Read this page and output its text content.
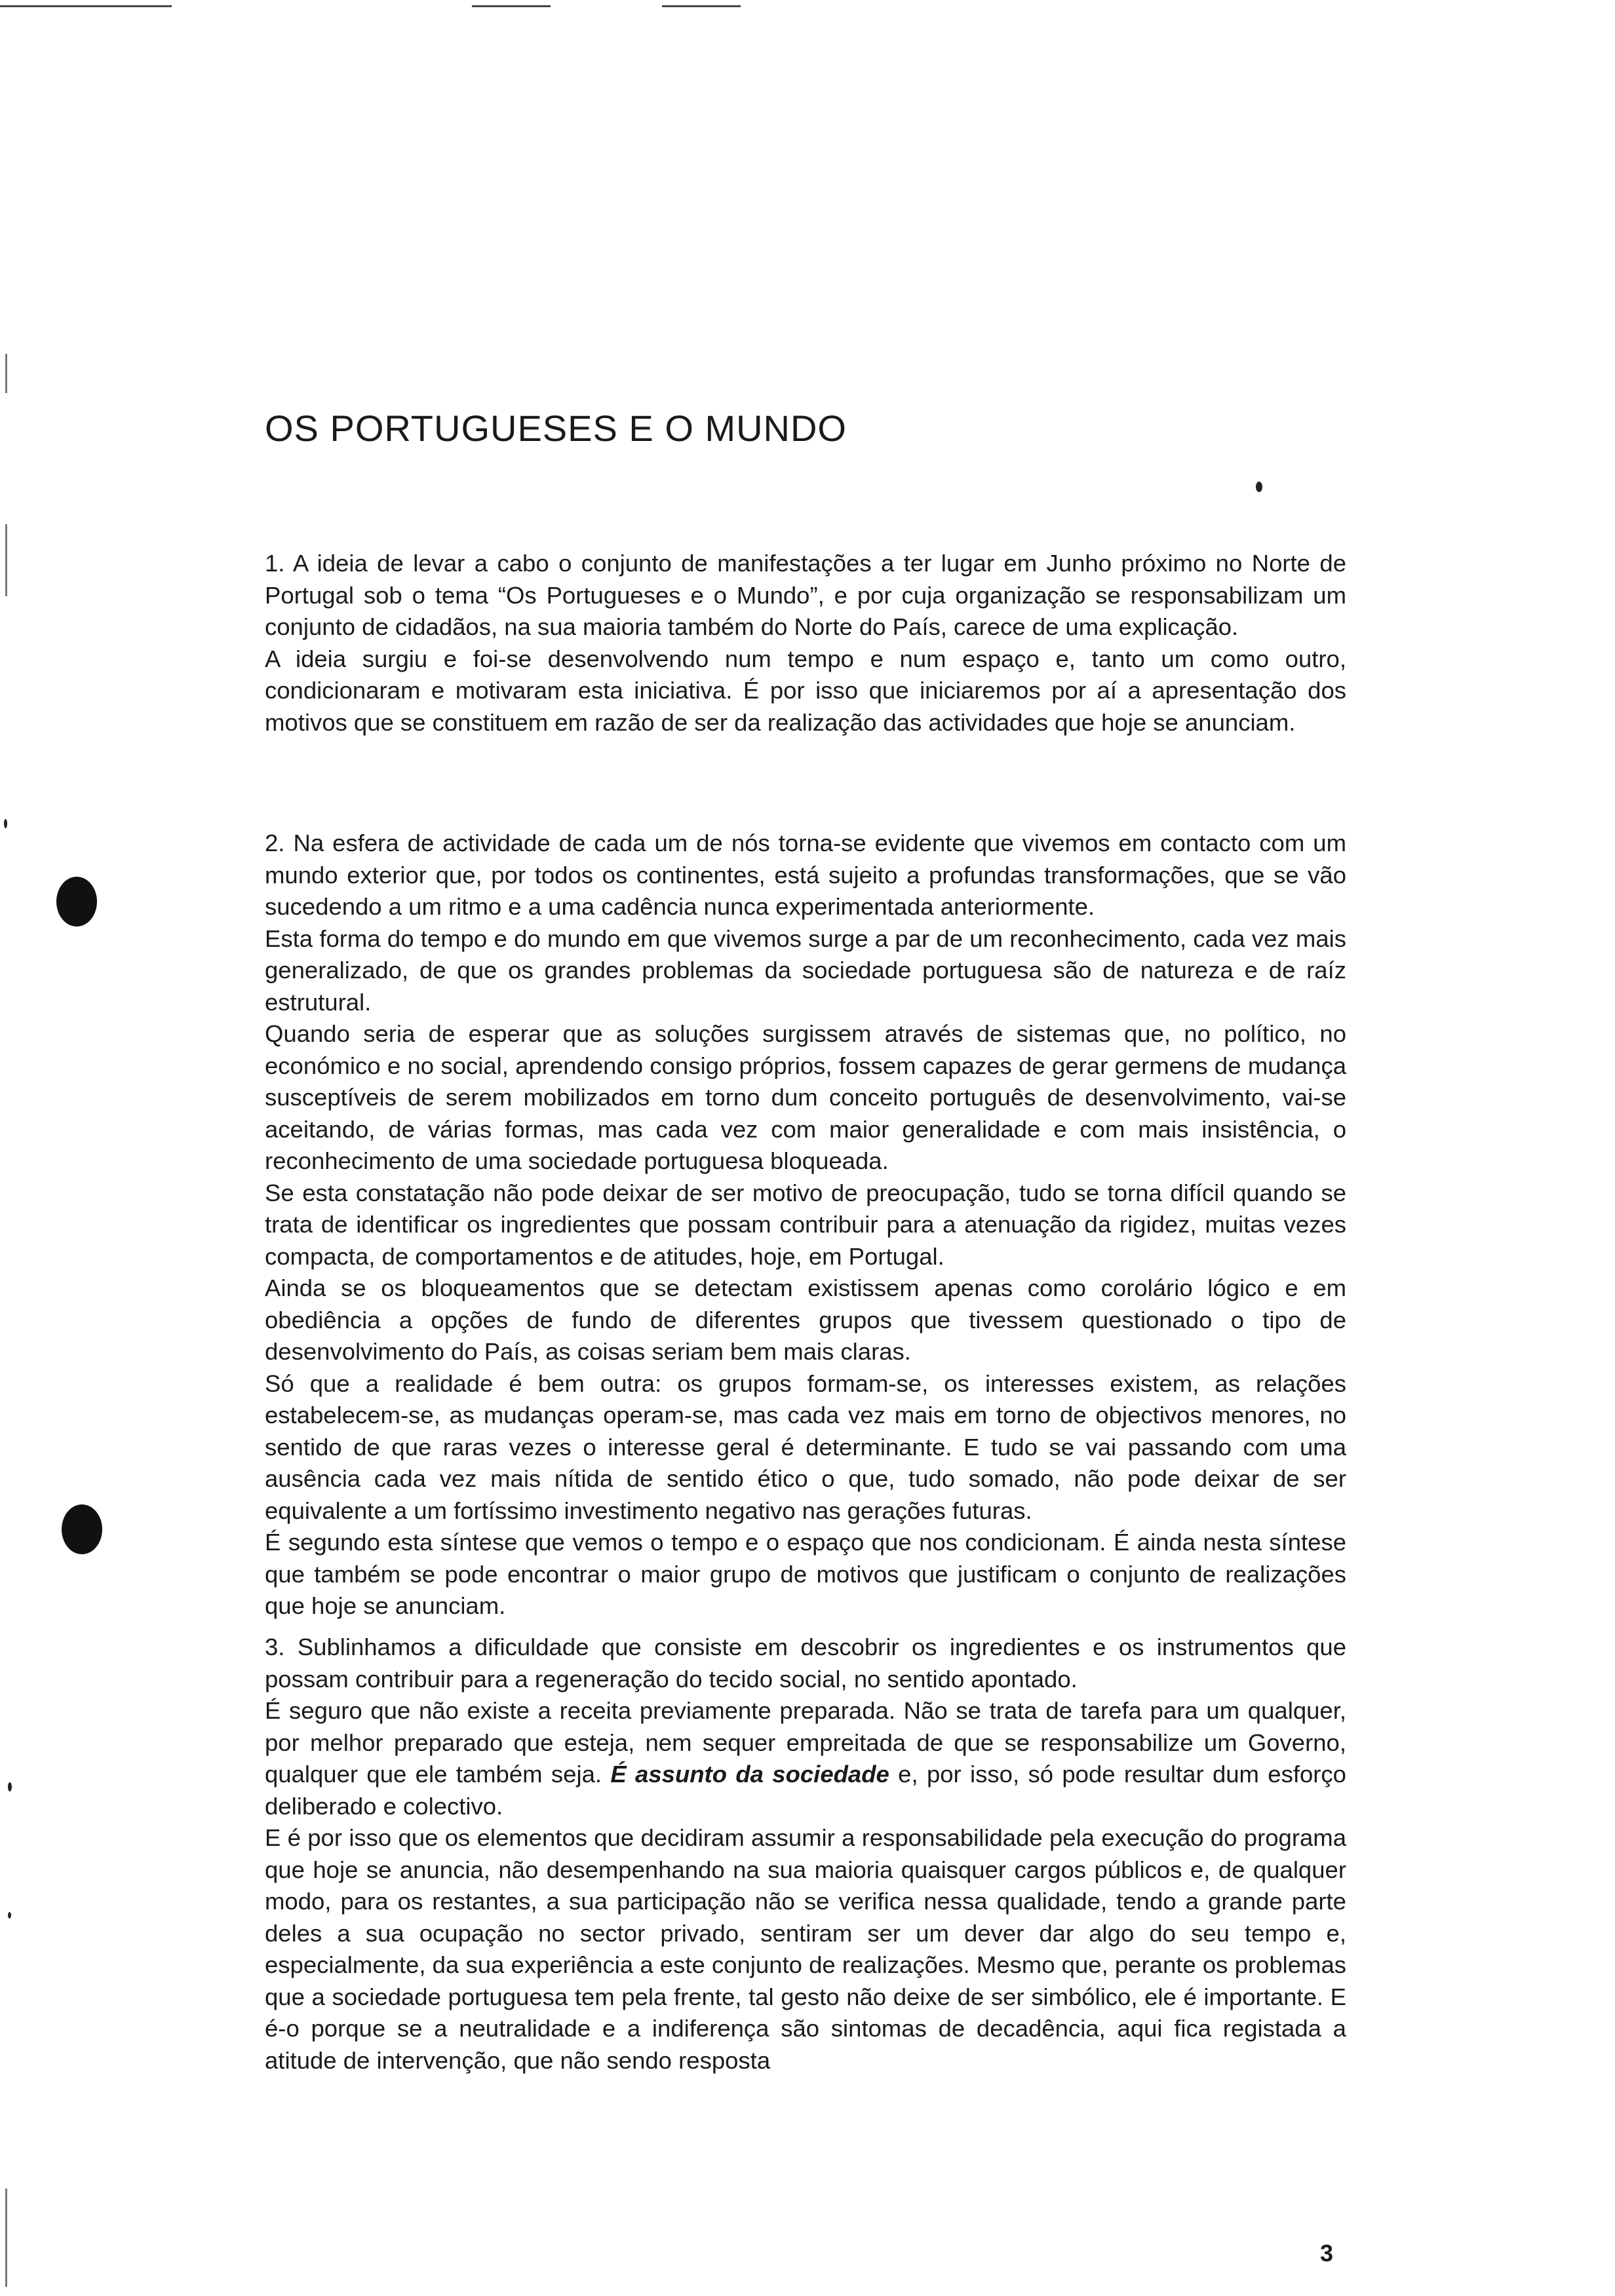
OS PORTUGUESES E O MUNDO

1. A ideia de levar a cabo o conjunto de manifestações a ter lugar em Junho próximo no Norte de Portugal sob o tema “Os Portugueses e o Mundo”, e por cuja organização se responsabilizam um conjunto de cidadãos, na sua maioria também do Norte do País, carece de uma explicação.

A ideia surgiu e foi-se desenvolvendo num tempo e num espaço e, tanto um como outro, condicionaram e motivaram esta iniciativa. É por isso que iniciaremos por aí a apresentação dos motivos que se constituem em razão de ser da realização das actividades que hoje se anunciam.

2. Na esfera de actividade de cada um de nós torna-se evidente que vivemos em contacto com um mundo exterior que, por todos os continentes, está sujeito a profundas transformações, que se vão sucedendo a um ritmo e a uma cadência nunca experimentada anteriormente.

Esta forma do tempo e do mundo em que vivemos surge a par de um reconhecimento, cada vez mais generalizado, de que os grandes problemas da sociedade portuguesa são de natureza e de raíz estrutural.

Quando seria de esperar que as soluções surgissem através de sistemas que, no político, no económico e no social, aprendendo consigo próprios, fossem capazes de gerar germens de mudança susceptíveis de serem mobilizados em torno dum conceito português de desenvolvimento, vai-se aceitando, de várias formas, mas cada vez com maior generalidade e com mais insistência, o reconhecimento de uma sociedade portuguesa bloqueada.

Se esta constatação não pode deixar de ser motivo de preocupação, tudo se torna difícil quando se trata de identificar os ingredientes que possam contribuir para a atenuação da rigidez, muitas vezes compacta, de comportamentos e de atitudes, hoje, em Portugal.

Ainda se os bloqueamentos que se detectam existissem apenas como corolário lógico e em obediência a opções de fundo de diferentes grupos que tivessem questionado o tipo de desenvolvimento do País, as coisas seriam bem mais claras.

Só que a realidade é bem outra: os grupos formam-se, os interesses existem, as relações estabelecem-se, as mudanças operam-se, mas cada vez mais em torno de objectivos menores, no sentido de que raras vezes o interesse geral é determinante. E tudo se vai passando com uma ausência cada vez mais nítida de sentido ético o que, tudo somado, não pode deixar de ser equivalente a um fortíssimo investimento negativo nas gerações futuras.

É segundo esta síntese que vemos o tempo e o espaço que nos condicionam. É ainda nesta síntese que também se pode encontrar o maior grupo de motivos que justificam o conjunto de realizações que hoje se anunciam.

3. Sublinhamos a dificuldade que consiste em descobrir os ingredientes e os instrumentos que possam contribuir para a regeneração do tecido social, no sentido apontado.

É seguro que não existe a receita previamente preparada. Não se trata de tarefa para um qualquer, por melhor preparado que esteja, nem sequer empreitada de que se responsabilize um Governo, qualquer que ele também seja. É assunto da sociedade e, por isso, só pode resultar dum esforço deliberado e colectivo.

E é por isso que os elementos que decidiram assumir a responsabilidade pela execução do programa que hoje se anuncia, não desempenhando na sua maioria quaisquer cargos públicos e, de qualquer modo, para os restantes, a sua participação não se verifica nessa qualidade, tendo a grande parte deles a sua ocupação no sector privado, sentiram ser um dever dar algo do seu tempo e, especialmente, da sua experiência a este conjunto de realizações. Mesmo que, perante os problemas que a sociedade portuguesa tem pela frente, tal gesto não deixe de ser simbólico, ele é importante. E é-o porque se a neutralidade e a indiferença são sintomas de decadência, aqui fica registada a atitude de intervenção, que não sendo resposta

3
